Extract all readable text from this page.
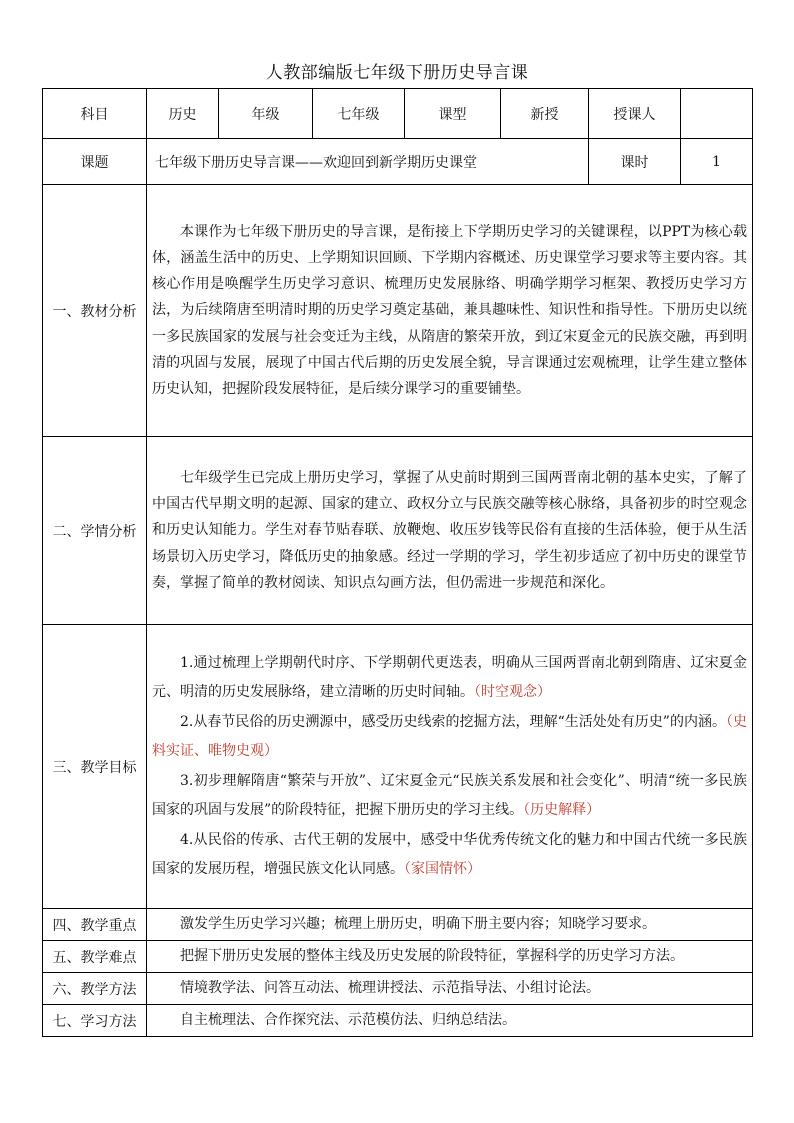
人教部编版七年级下册历史导言课
科目	历史	年级	七年级	课型	新授	授课人	
课题	七年级下册历史导言课——欢迎回到新学期历史课堂					课时	1
一、教材分析	本课作为七年级下册历史的导言课，是衔接上下学期历史学习的关键课程，以PPT为核心载体，涵盖生活中的历史、上学期知识回顾、下学期内容概述、历史课堂学习要求等主要内容。其核心作用是唤醒学生历史学习意识、梳理历史发展脉络、明确学期学习框架、教授历史学习方法，为后续隋唐至明清时期的历史学习奠定基础，兼具趣味性、知识性和指导性。下册历史以统一多民族国家的发展与社会变迁为主线，从隋唐的繁荣开放，到辽宋夏金元的民族交融，再到明清的巩固与发展，展现了中国古代后期的历史发展全貌，导言课通过宏观梳理，让学生建立整体历史认知，把握阶段发展特征，是后续分课学习的重要铺垫。						

二、学情分析	七年级学生已完成上册历史学习，掌握了从史前时期到三国两晋南北朝的基本史实，了解了中国古代早期文明的起源、国家的建立、政权分立与民族交融等核心脉络，具备初步的时空观念和历史认知能力。学生对春节贴春联、放鞭炮、收压岁钱等民俗有直接的生活体验，便于从生活场景切入历史学习，降低历史的抽象感。经过一学期的学习，学生初步适应了初中历史的课堂节奏，掌握了简单的教材阅读、知识点勾画方法，但仍需进一步规范和深化。						

三、教学目标	1.通过梳理上学期朝代时序、下学期朝代更迭表，明确从三国两晋南北朝到隋唐、辽宋夏金元、明清的历史发展脉络，建立清晰的历史时间轴。（时空观念）
2.从春节民俗的历史溯源中，感受历史线索的挖掘方法，理解“生活处处有历史”的内涵。（史料实证、唯物史观）
3.初步理解隋唐“繁荣与开放”、辽宋夏金元“民族关系发展和社会变化”、明清“统一多民族国家的巩固与发展”的阶段特征，把握下册历史的学习主线。（历史解释）
4.从民俗的传承、古代王朝的发展中，感受中华优秀传统文化的魅力和中国古代统一多民族国家的发展历程，增强民族文化认同感。（家国情怀）						

四、教学重点	激发学生历史学习兴趣；梳理上册历史，明确下册主要内容；知晓学习要求。						
五、教学难点	把握下册历史发展的整体主线及历史发展的阶段特征，掌握科学的历史学习方法。						
六、教学方法	情境教学法、问答互动法、梳理讲授法、示范指导法、小组讨论法。						
七、学习方法	自主梳理法、合作探究法、示范模仿法、归纳总结法。						
